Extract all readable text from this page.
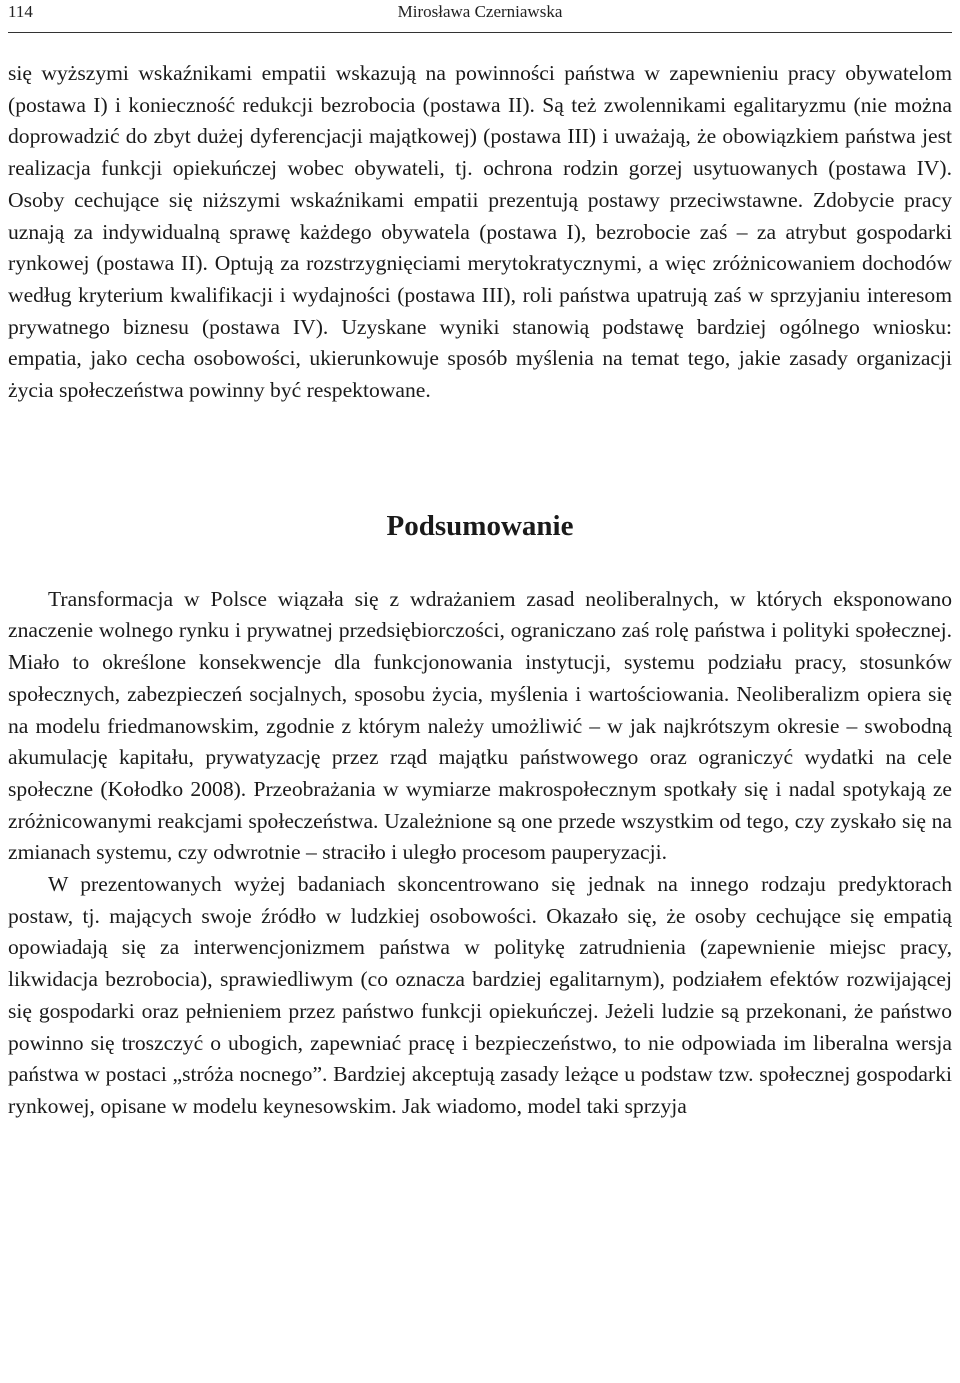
114	Mirosława Czerniawska

się wyższymi wskaźnikami empatii wskazują na powinności państwa w zapewnieniu pracy obywatelom (postawa I) i konieczność redukcji bezrobocia (postawa II). Są też zwolennikami egalitaryzmu (nie można doprowadzić do zbyt dużej dyferencjacji majątkowej) (postawa III) i uważają, że obowiązkiem państwa jest realizacja funkcji opiekuńczej wobec obywateli, tj. ochrona rodzin gorzej usytuowanych (postawa IV). Osoby cechujące się niższymi wskaźnikami empatii prezentują postawy przeciwstawne. Zdobycie pracy uznają za indywidualną sprawę każdego obywatela (postawa I), bezrobocie zaś – za atrybut gospodarki rynkowej (postawa II). Optują za rozstrzygnięciami merytokratycznymi, a więc zróżnicowaniem dochodów według kryterium kwalifikacji i wydajności (postawa III), roli państwa upatrują zaś w sprzyjaniu interesom prywatnego biznesu (postawa IV). Uzyskane wyniki stanowią podstawę bardziej ogólnego wniosku: empatia, jako cecha osobowości, ukierunkowuje sposób myślenia na temat tego, jakie zasady organizacji życia społeczeństwa powinny być respektowane.

Podsumowanie

Transformacja w Polsce wiązała się z wdrażaniem zasad neoliberalnych, w których eksponowano znaczenie wolnego rynku i prywatnej przedsiębiorczości, ograniczano zaś rolę państwa i polityki społecznej. Miało to określone konsekwencje dla funkcjonowania instytucji, systemu podziału pracy, stosunków społecznych, zabezpieczeń socjalnych, sposobu życia, myślenia i wartościowania. Neoliberalizm opiera się na modelu friedmanowskim, zgodnie z którym należy umożliwić – w jak najkrótszym okresie – swobodną akumulację kapitału, prywatyzację przez rząd majątku państwowego oraz ograniczyć wydatki na cele społeczne (Kołodko 2008). Przeobrażania w wymiarze makrospołecznym spotkały się i nadal spotykają ze zróżnicowanymi reakcjami społeczeństwa. Uzależnione są one przede wszystkim od tego, czy zyskało się na zmianach systemu, czy odwrotnie – straciło i uległo procesom pauperyzacji.

W prezentowanych wyżej badaniach skoncentrowano się jednak na innego rodzaju predyktorach postaw, tj. mających swoje źródło w ludzkiej osobowości. Okazało się, że osoby cechujące się empatią opowiadają się za interwencjonizmem państwa w politykę zatrudnienia (zapewnienie miejsc pracy, likwidacja bezrobocia), sprawiedliwym (co oznacza bardziej egalitarnym), podziałem efektów rozwijającej się gospodarki oraz pełnieniem przez państwo funkcji opiekuńczej. Jeżeli ludzie są przekonani, że państwo powinno się troszczyć o ubogich, zapewniać pracę i bezpieczeństwo, to nie odpowiada im liberalna wersja państwa w postaci „stróża nocnego”. Bardziej akceptują zasady leżące u podstaw tzw. społecznej gospodarki rynkowej, opisane w modelu keynesowskim. Jak wiadomo, model taki sprzyja
